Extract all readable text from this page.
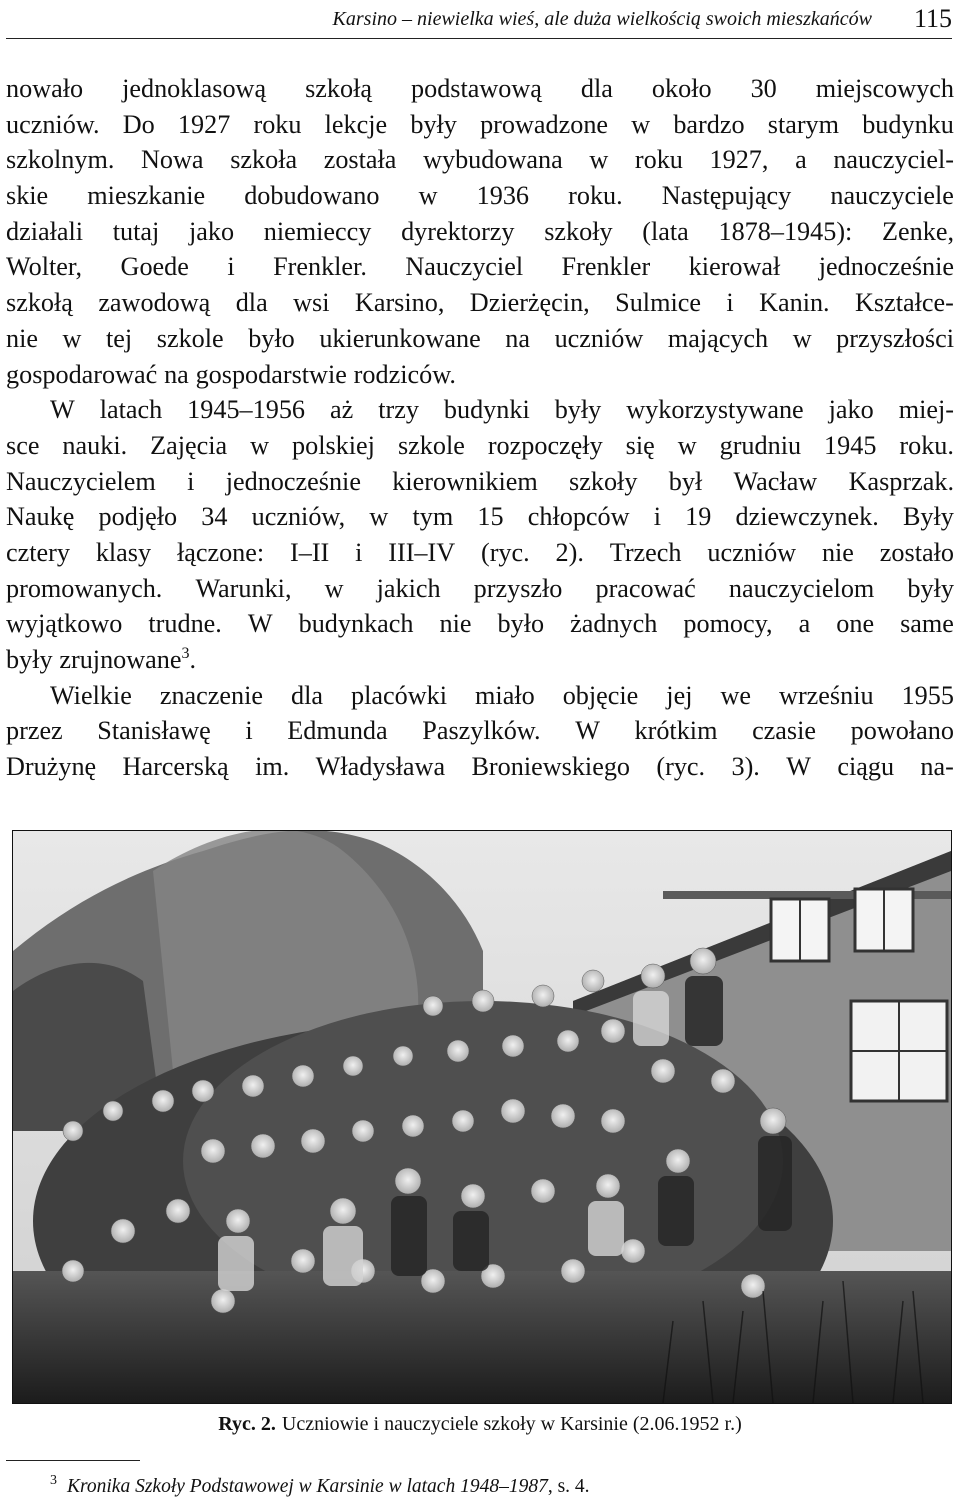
Karsino – niewielka wieś, ale duża wielkością swoich mieszkańców 115
nowało jednoklasową szkołą podstawową dla około 30 miejscowych
uczniów. Do 1927 roku lekcje były prowadzone w bardzo starym budynku
szkolnym. Nowa szkoła została wybudowana w roku 1927, a nauczyciel-
skie mieszkanie dobudowano w 1936 roku. Następujący nauczyciele
działali tutaj jako niemieccy dyrektorzy szkoły (lata 1878–1945): Zenke,
Wolter, Goede i Frenkler. Nauczyciel Frenkler kierował jednocześnie
szkołą zawodową dla wsi Karsino, Dzierżęcin, Sulmice i Kanin. Kształce-
nie w tej szkole było ukierunkowane na uczniów mających w przyszłości
gospodarować na gospodarstwie rodziców.
W latach 1945–1956 aż trzy budynki były wykorzystywane jako miej-
sce nauki. Zajęcia w polskiej szkole rozpoczęły się w grudniu 1945 roku.
Nauczycielem i jednocześnie kierownikiem szkoły był Wacław Kasprzak.
Naukę podjęło 34 uczniów, w tym 15 chłopców i 19 dziewczynek. Były
cztery klasy łączone: I–II i III–IV (ryc. 2). Trzech uczniów nie zostało
promowanych. Warunki, w jakich przyszło pracować nauczycielom były
wyjątkowo trudne. W budynkach nie było żadnych pomocy, a one same
były zrujnowane$^3$.
Wielkie znaczenie dla placówki miało objęcie jej we wrześniu 1955
przez Stanisławę i Edmunda Paszylków. W krótkim czasie powołano
Drużynę Harcerską im. Władysława Broniewskiego (ryc. 3). W ciągu na-
Ryc. 2. Uczniowie i nauczyciele szkoły w Karsinie (2.06.1952 r.)
$^3$ Kronika Szkoły Podstawowej w Karsinie w latach 1948–1987, s. 4.
